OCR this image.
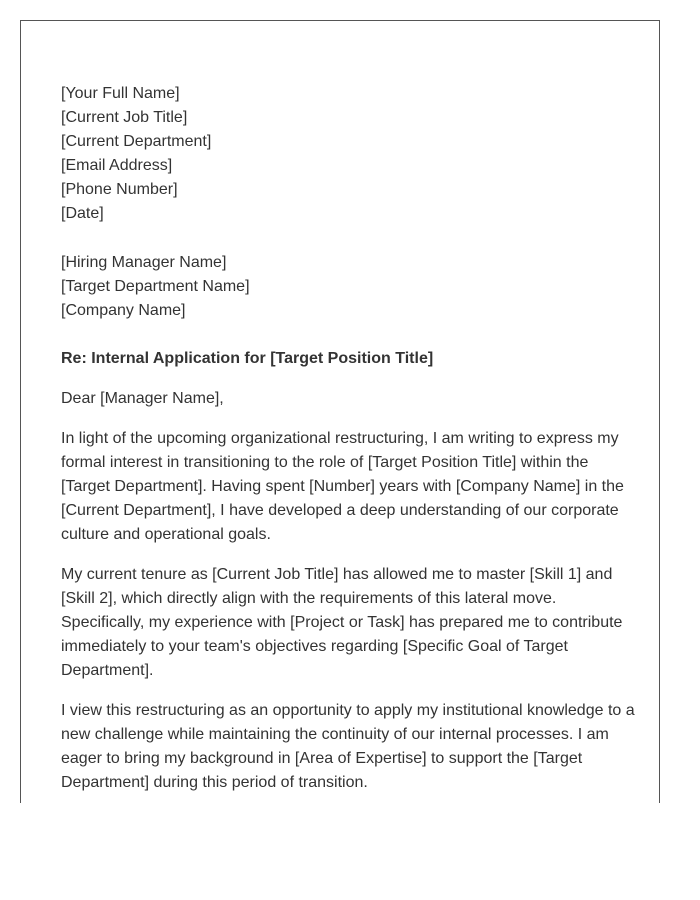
[Your Full Name]
[Current Job Title]
[Current Department]
[Email Address]
[Phone Number]
[Date]
[Hiring Manager Name]
[Target Department Name]
[Company Name]
Re: Internal Application for [Target Position Title]
Dear [Manager Name],

In light of the upcoming organizational restructuring, I am writing to express my formal interest in transitioning to the role of [Target Position Title] within the [Target Department]. Having spent [Number] years with [Company Name] in the [Current Department], I have developed a deep understanding of our corporate culture and operational goals.

My current tenure as [Current Job Title] has allowed me to master [Skill 1] and [Skill 2], which directly align with the requirements of this lateral move. Specifically, my experience with [Project or Task] has prepared me to contribute immediately to your team's objectives regarding [Specific Goal of Target Department].

I view this restructuring as an opportunity to apply my institutional knowledge to a new challenge while maintaining the continuity of our internal processes. I am eager to bring my background in [Area of Expertise] to support the [Target Department] during this period of transition.
